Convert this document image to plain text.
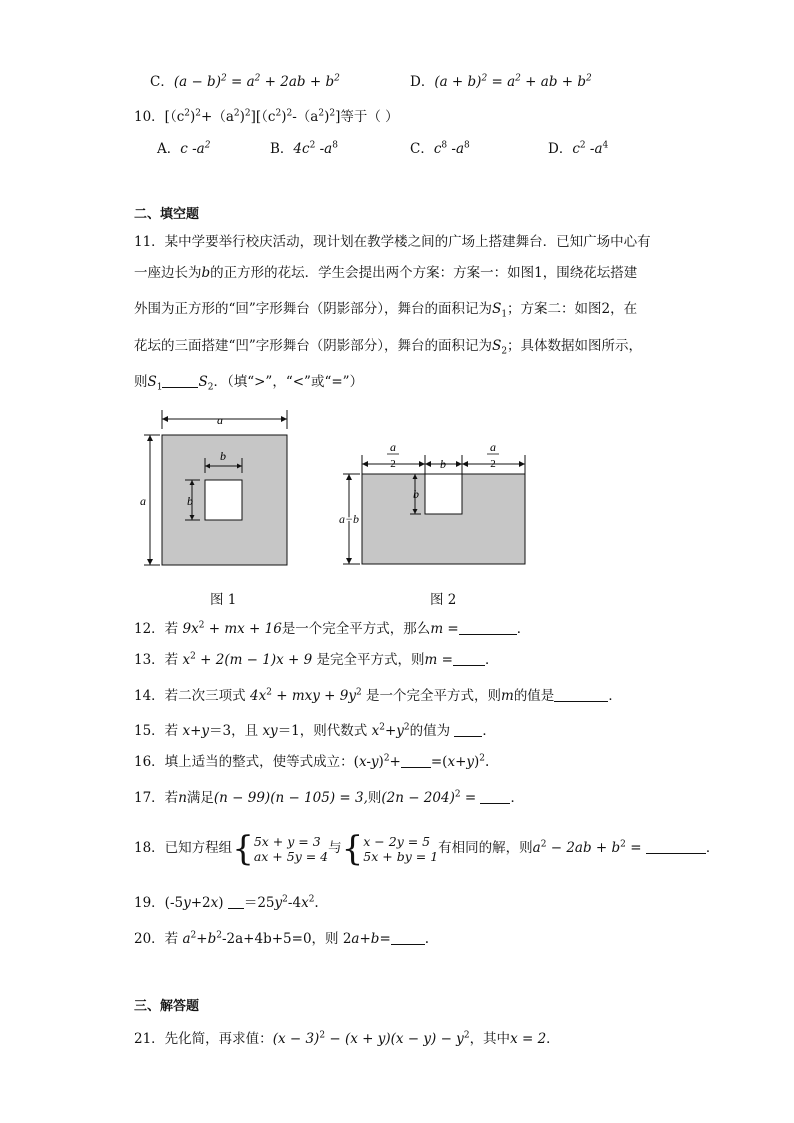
C．$(a - b)^2 = a^2 + 2ab + b^2$	D．$(a + b)^2 = a^2$ + ab + $b^2$
10．$[(c^2)^2+(a^2)^2][(c^2)^2-(a^2)^2]$等于（ ）
A．c $-a^2$	B．$4c^2$ $-a^8$	C．$c^8$ $-a^8$	D．$c^2$ $-a^4$
二、填空题
11．某中学要举行校庆活动，现计划在教学楼之间的广场上搭建舞台．已知广场中心有
一座边长为b的正方形的花坛．学生会提出两个方案：方案一：如图1，围绕花坛搭建
外围为正方形的“回”字形舞台（阴影部分），舞台的面积记为$S_1$；方案二：如图2，在
花坛的三面搭建“凹”字形舞台（阴影部分），舞台的面积记为$S_2$；具体数据如图所示，
则$S_1$	$S_2$．（填“>”，“<”或“=”）
a
a
b
b
图 1
a
2	b
a
2
b
a−b
图 2
12．若 $9x^2$ + mx + 16是一个完全平方式，那么m =	．
13．若 $x^2 + 2(m - 1)x + 9$ 是完全平方式，则m = ．
14．若二次三项式 $4x^2$ + mxy + $9y^2$ 是一个完全平方式，则m的值是	．
15．若 x+y＝3，且 xy＝1，则代数式 $x^2+y^2$的值为 ．
16．填上适当的整式，使等式成立：$(x-y)^2+ =(x+y)^2$.
17．若n满足(n − 99)(n − 105) = 3,则$(2n - 204)^2$ = ．
18．已知方程组{5x + y = 3
ax + 5y = 4与{x − 2y = 5
5x + by = 1有相同的解，则$a^2 - 2ab + b^2$ =	．
19．$(-5y+2x) =25y^2-4x^2$.
20．若 $a^2+b^2-2a+4b+5=0$，则 2a+b=	.
三、解答题
21．先化简，再求值：$(x - 3)^2 - (x + y)(x - y) - y^2$，其中x = 2．
